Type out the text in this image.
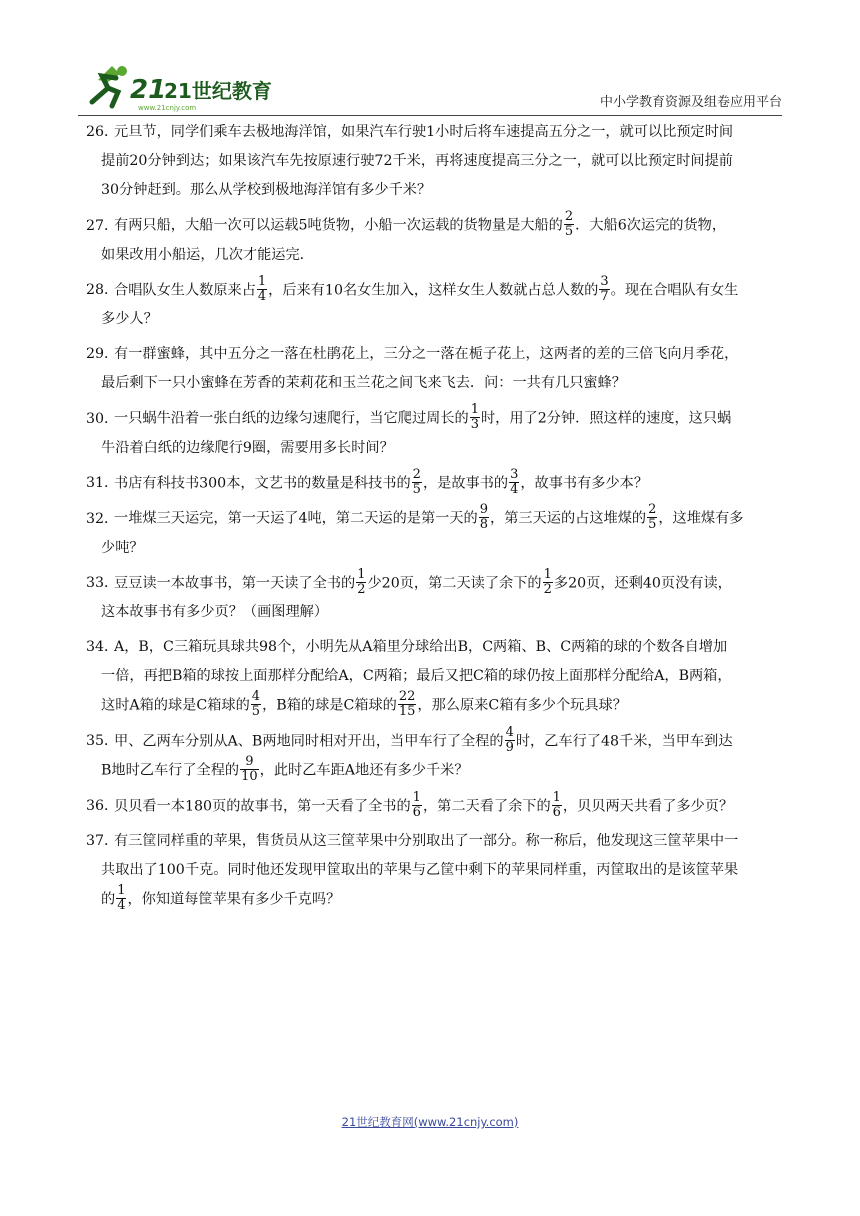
21
21世纪教育
www.21cnjy.com	中小学教育资源及组卷应用平台

26．元旦节，同学们乘车去极地海洋馆，如果汽车行驶1小时后将车速提高五分之一，就可以比预定时间

提前20分钟到达；如果该汽车先按原速行驶72千米，再将速度提高三分之一，就可以比预定时间提前

30分钟赶到。那么从学校到极地海洋馆有多少千米？

27．有两只船，大船一次可以运载5吨货物，小船一次运载的货物量是大船的 $\frac{2}{5}$ ．大船6次运完的货物，

如果改用小船运，几次才能运完．

28．合唱队女生人数原来占 $\frac{1}{4}$ ，后来有10名女生加入，这样女生人数就占总人数的 $\frac{3}{7}$ 。现在合唱队有女生

多少人？

29．有一群蜜蜂，其中五分之一落在杜鹃花上，三分之一落在栀子花上，这两者的差的三倍飞向月季花，

最后剩下一只小蜜蜂在芳香的茉莉花和玉兰花之间飞来飞去．问：一共有几只蜜蜂？

30．一只蜗牛沿着一张白纸的边缘匀速爬行，当它爬过周长的 $\frac{1}{3}$ 时，用了2分钟．照这样的速度，这只蜗

牛沿着白纸的边缘爬行9圈，需要用多长时间？

31．书店有科技书300本，文艺书的数量是科技书的 $\frac{2}{5}$ ，是故事书的 $\frac{3}{4}$ ，故事书有多少本？

32．一堆煤三天运完，第一天运了4吨，第二天运的是第一天的 $\frac{9}{8}$ ，第三天运的占这堆煤的 $\frac{2}{5}$ ，这堆煤有多

少吨？

33．豆豆读一本故事书，第一天读了全书的 $\frac{1}{2}$ 少20页，第二天读了余下的 $\frac{1}{2}$ 多20页，还剩40页没有读，

这本故事书有多少页？（画图理解）

34．A，B，C三箱玩具球共98个，小明先从A箱里分球给出B，C两箱、B、C两箱的球的个数各自增加

一倍，再把B箱的球按上面那样分配给A，C两箱；最后又把C箱的球仍按上面那样分配给A，B两箱，

这时A箱的球是C箱球的 $\frac{4}{5}$ ，B箱的球是C箱球的 $\frac{22}{15}$ ，那么原来C箱有多少个玩具球？

35．甲、乙两车分别从A、B两地同时相对开出，当甲车行了全程的 $\frac{4}{9}$ 时，乙车行了48千米，当甲车到达

B地时乙车行了全程的 $\frac{9}{10}$ ，此时乙车距A地还有多少千米？

36．贝贝看一本180页的故事书，第一天看了全书的 $\frac{1}{6}$ ，第二天看了余下的 $\frac{1}{6}$ ，贝贝两天共看了多少页？

37．有三筐同样重的苹果，售货员从这三筐苹果中分别取出了一部分。称一称后，他发现这三筐苹果中一

共取出了100千克。同时他还发现甲筐取出的苹果与乙筐中剩下的苹果同样重，丙筐取出的是该筐苹果

的 $\frac{1}{4}$ ，你知道每筐苹果有多少千克吗？

21世纪教育网(www.21cnjy.com)
